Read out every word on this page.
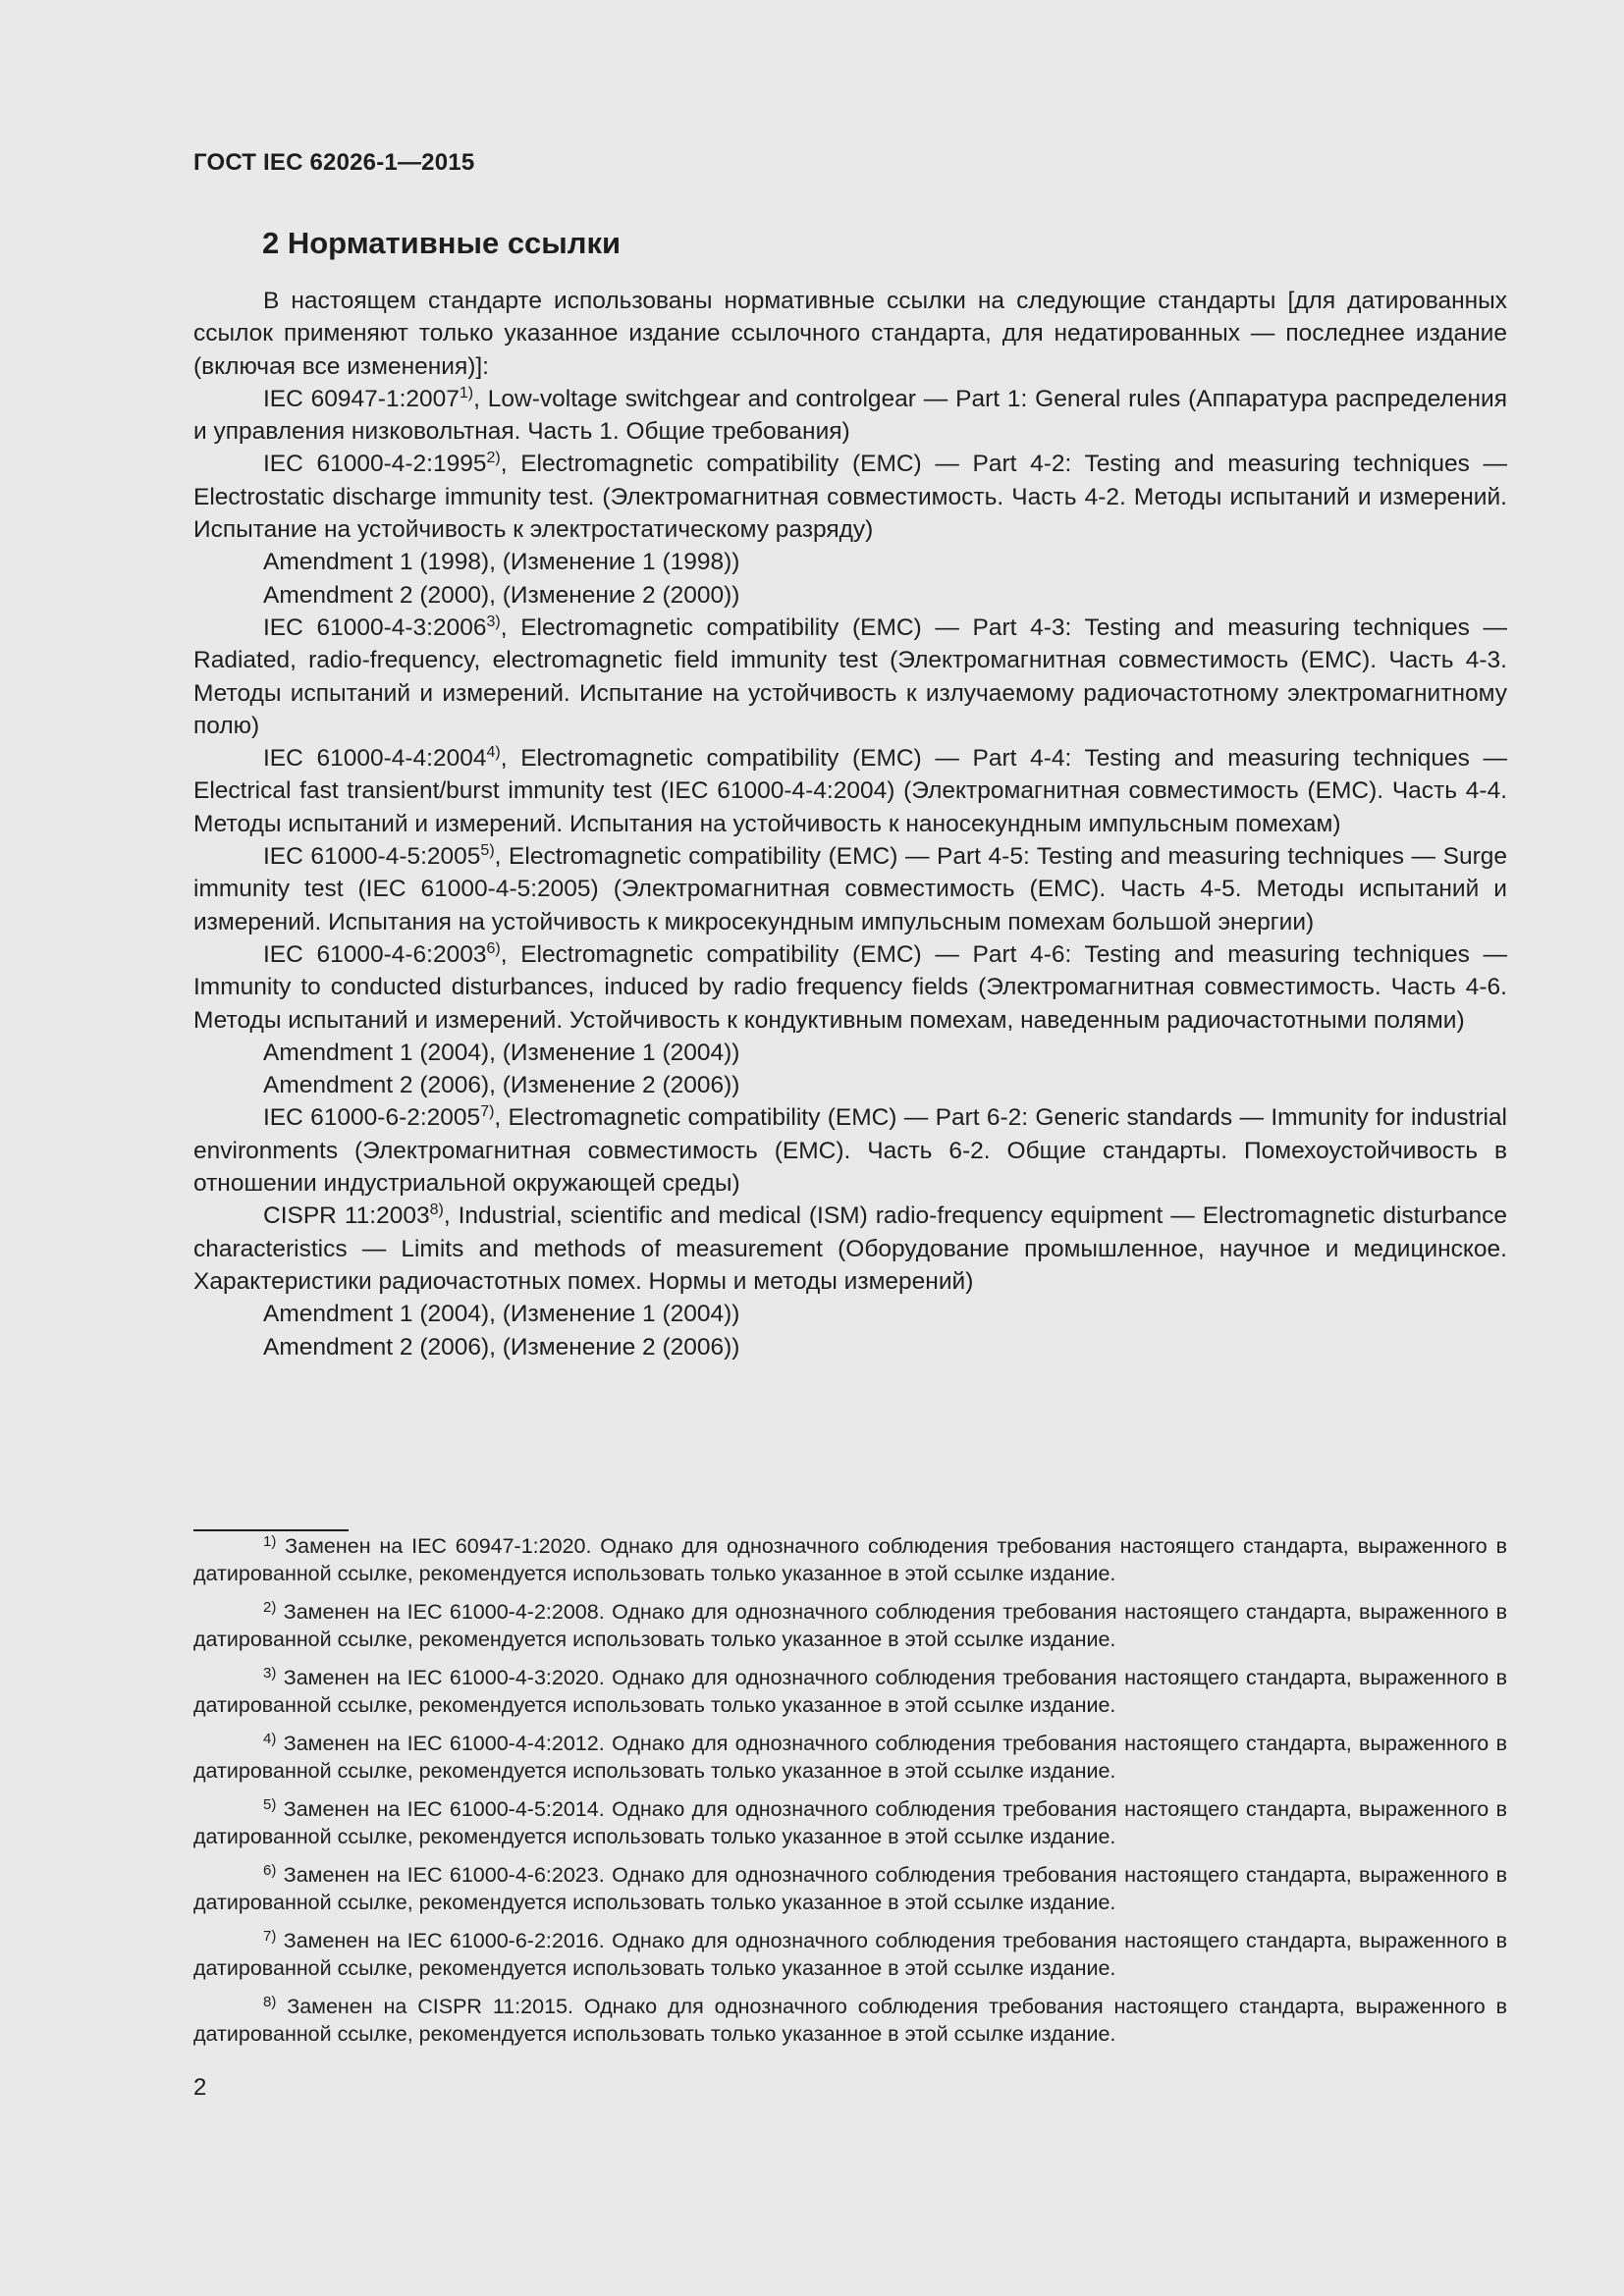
ГОСТ IEC 62026-1—2015
2 Нормативные ссылки

В настоящем стандарте использованы нормативные ссылки на следующие стандарты [для датированных ссылок применяют только указанное издание ссылочного стандарта, для недатированных — последнее издание (включая все изменения)]:

IEC 60947-1:2007$^{1)}$, Low-voltage switchgear and controlgear — Part 1: General rules (Аппаратура распределения и управления низковольтная. Часть 1. Общие требования)

IEC 61000-4-2:1995$^{2)}$, Electromagnetic compatibility (EMC) — Part 4-2: Testing and measuring techniques — Electrostatic discharge immunity test. (Электромагнитная совместимость. Часть 4-2. Методы испытаний и измерений. Испытание на устойчивость к электростатическому разряду)

Amendment 1 (1998), (Изменение 1 (1998))

Amendment 2 (2000), (Изменение 2 (2000))

IEC 61000-4-3:2006$^{3)}$, Electromagnetic compatibility (EMC) — Part 4-3: Testing and measuring techniques — Radiated, radio-frequency, electromagnetic field immunity test (Электромагнитная совместимость (ЕМС). Часть 4-3. Методы испытаний и измерений. Испытание на устойчивость к излучаемому радиочастотному электромагнитному полю)

IEC 61000-4-4:2004$^{4)}$, Electromagnetic compatibility (EMC) — Part 4-4: Testing and measuring techniques — Electrical fast transient/burst immunity test (IEC 61000-4-4:2004) (Электромагнитная совместимость (ЕМС). Часть 4-4. Методы испытаний и измерений. Испытания на устойчивость к наносекундным импульсным помехам)

IEC 61000-4-5:2005$^{5)}$, Electromagnetic compatibility (EMC) — Part 4-5: Testing and measuring techniques — Surge immunity test (IEC 61000-4-5:2005) (Электромагнитная совместимость (ЕМС). Часть 4-5. Методы испытаний и измерений. Испытания на устойчивость к микросекундным импульсным помехам большой энергии)

IEC 61000-4-6:2003$^{6)}$, Electromagnetic compatibility (EMC) — Part 4-6: Testing and measuring techniques — Immunity to conducted disturbances, induced by radio frequency fields (Электромагнитная совместимость. Часть 4-6. Методы испытаний и измерений. Устойчивость к кондуктивным помехам, наведенным радиочастотными полями)

Amendment 1 (2004), (Изменение 1 (2004))

Amendment 2 (2006), (Изменение 2 (2006))

IEC 61000-6-2:2005$^{7)}$, Electromagnetic compatibility (EMC) — Part 6-2: Generic standards — Immunity for industrial environments (Электромагнитная совместимость (ЕМС). Часть 6-2. Общие стандарты. Помехоустойчивость в отношении индустриальной окружающей среды)

CISPR 11:2003$^{8)}$, Industrial, scientific and medical (ISM) radio-frequency equipment — Electromagnetic disturbance characteristics — Limits and methods of measurement (Оборудование промышленное, научное и медицинское. Характеристики радиочастотных помех. Нормы и методы измерений)

Amendment 1 (2004), (Изменение 1 (2004))

Amendment 2 (2006), (Изменение 2 (2006))

$^{1)}$ Заменен на IEC 60947-1:2020. Однако для однозначного соблюдения требования настоящего стандарта, выраженного в датированной ссылке, рекомендуется использовать только указанное в этой ссылке издание.

$^{2)}$ Заменен на IEC 61000-4-2:2008. Однако для однозначного соблюдения требования настоящего стандарта, выраженного в датированной ссылке, рекомендуется использовать только указанное в этой ссылке издание.

$^{3)}$ Заменен на IEC 61000-4-3:2020. Однако для однозначного соблюдения требования настоящего стандарта, выраженного в датированной ссылке, рекомендуется использовать только указанное в этой ссылке издание.

$^{4)}$ Заменен на IEC 61000-4-4:2012. Однако для однозначного соблюдения требования настоящего стандарта, выраженного в датированной ссылке, рекомендуется использовать только указанное в этой ссылке издание.

$^{5)}$ Заменен на IEC 61000-4-5:2014. Однако для однозначного соблюдения требования настоящего стандарта, выраженного в датированной ссылке, рекомендуется использовать только указанное в этой ссылке издание.

$^{6)}$ Заменен на IEC 61000-4-6:2023. Однако для однозначного соблюдения требования настоящего стандарта, выраженного в датированной ссылке, рекомендуется использовать только указанное в этой ссылке издание.

$^{7)}$ Заменен на IEC 61000-6-2:2016. Однако для однозначного соблюдения требования настоящего стандарта, выраженного в датированной ссылке, рекомендуется использовать только указанное в этой ссылке издание.

$^{8)}$ Заменен на CISPR 11:2015. Однако для однозначного соблюдения требования настоящего стандарта, выраженного в датированной ссылке, рекомендуется использовать только указанное в этой ссылке издание.

2
